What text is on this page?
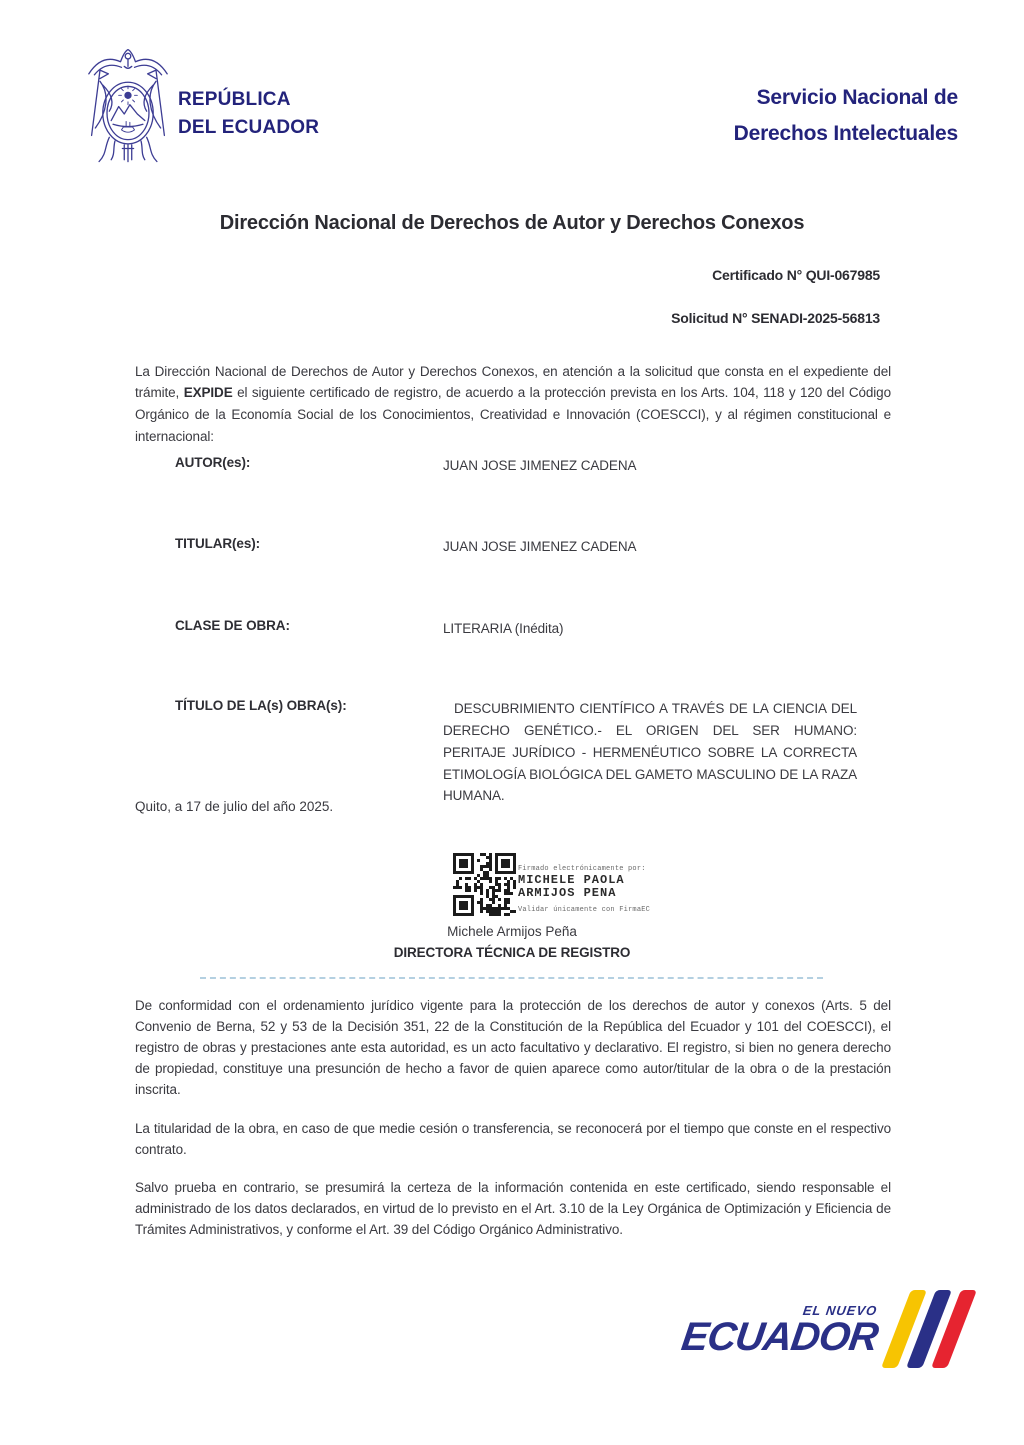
REPÚBLICA
DEL ECUADOR
Servicio Nacional de
Derechos Intelectuales
Dirección Nacional de Derechos de Autor y Derechos Conexos
Certificado N° QUI-067985
Solicitud N° SENADI-2025-56813

La Dirección Nacional de Derechos de Autor y Derechos Conexos, en atención a la solicitud que consta en el expediente del trámite, EXPIDE el siguiente certificado de registro, de acuerdo a la protección prevista en los Arts. 104, 118 y 120 del Código Orgánico de la Economía Social de los Conocimientos, Creatividad e Innovación (COESCCI), y al régimen constitucional e internacional:

AUTOR(es):	JUAN JOSE JIMENEZ CADENA
TITULAR(es):	JUAN JOSE JIMENEZ CADENA
CLASE DE OBRA:	LITERARIA (Inédita)
TÍTULO DE LA(s) OBRA(s):	DESCUBRIMIENTO CIENTÍFICO A TRAVÉS DE LA CIENCIA DEL DERECHO GENÉTICO.- EL ORIGEN DEL SER HUMANO: PERITAJE JURÍDICO - HERMENÉUTICO SOBRE LA CORRECTA ETIMOLOGÍA BIOLÓGICA DEL GAMETO MASCULINO DE LA RAZA HUMANA.
Quito, a 17 de julio del año 2025.
Firmado electrónicamente por:
MICHELE PAOLA
ARMIJOS PENA
Validar únicamente con FirmaEC
Michele Armijos Peña
DIRECTORA TÉCNICA DE REGISTRO

De conformidad con el ordenamiento jurídico vigente para la protección de los derechos de autor y conexos (Arts. 5 del Convenio de Berna, 52 y 53 de la Decisión 351, 22 de la Constitución de la República del Ecuador y 101 del COESCCI), el registro de obras y prestaciones ante esta autoridad, es un acto facultativo y declarativo. El registro, si bien no genera derecho de propiedad, constituye una presunción de hecho a favor de quien aparece como autor/titular de la obra o de la prestación inscrita.

La titularidad de la obra, en caso de que medie cesión o transferencia, se reconocerá por el tiempo que conste en el respectivo contrato.

Salvo prueba en contrario, se presumirá la certeza de la información contenida en este certificado, siendo responsable el administrado de los datos declarados, en virtud de lo previsto en el Art. 3.10 de la Ley Orgánica de Optimización y Eficiencia de Trámites Administrativos, y conforme el Art. 39 del Código Orgánico Administrativo.

EL NUEVO
ECUADOR
